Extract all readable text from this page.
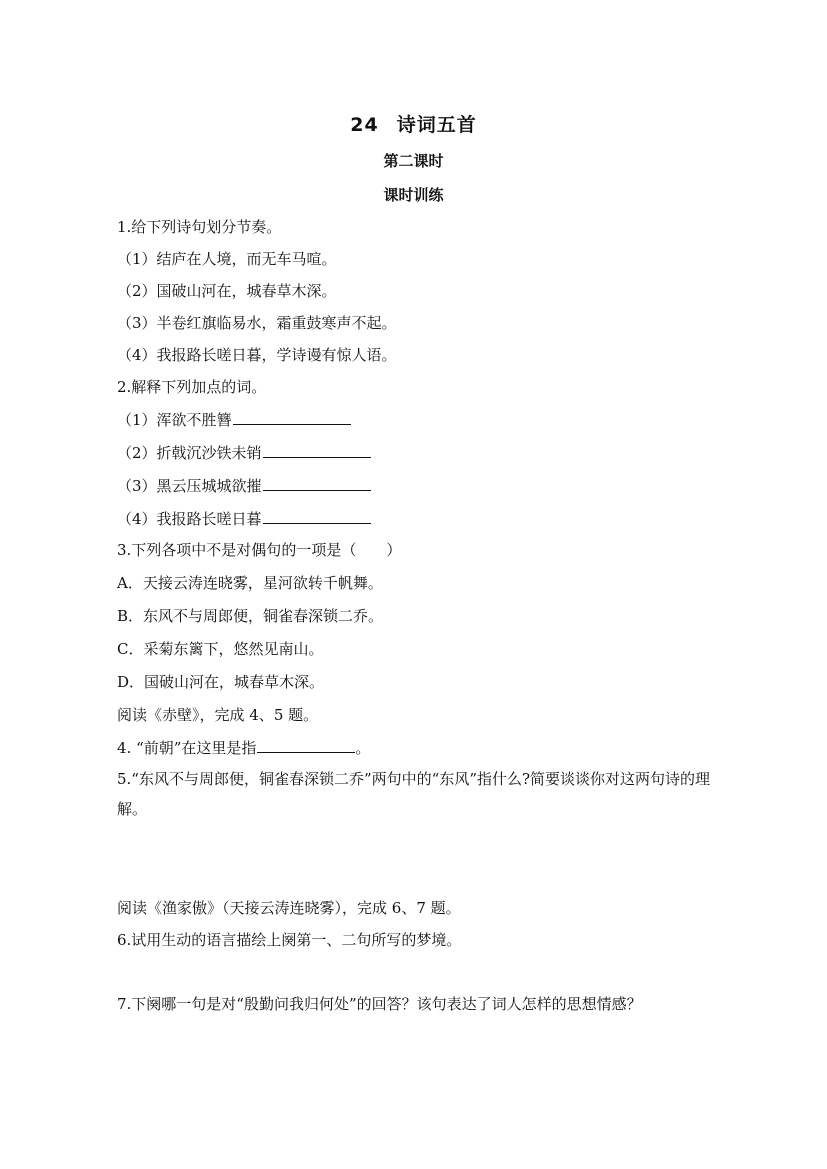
24 诗词五首
第二课时
课时训练
1.给下列诗句划分节奏。
（1）结庐在人境，而无车马喧。
（2）国破山河在，城春草木深。
（3）半卷红旗临易水，霜重鼓寒声不起。
（4）我报路长嗟日暮，学诗谩有惊人语。
2.解释下列加点的词。
（1）浑欲不胜簪
（2）折戟沉沙铁未销
（3）黑云压城城欲摧
（4）我报路长嗟日暮
3.下列各项中不是对偶句的一项是（　　）
A．天接云涛连晓雾，星河欲转千帆舞。
B．东风不与周郎便，铜雀春深锁二乔。
C．采菊东篱下，悠然见南山。
D．国破山河在，城春草木深。
阅读《赤壁》，完成 4、5 题。
4. “前朝”在这里是指	。
5.“东风不与周郎便，铜雀春深锁二乔”两句中的“东风”指什么?简要谈谈你对这两句诗的理解。
阅读《渔家傲》（天接云涛连晓雾），完成 6、7 题。
6.试用生动的语言描绘上阕第一、二句所写的梦境。
7.下阕哪一句是对“殷勤问我归何处”的回答？该句表达了词人怎样的思想情感？
